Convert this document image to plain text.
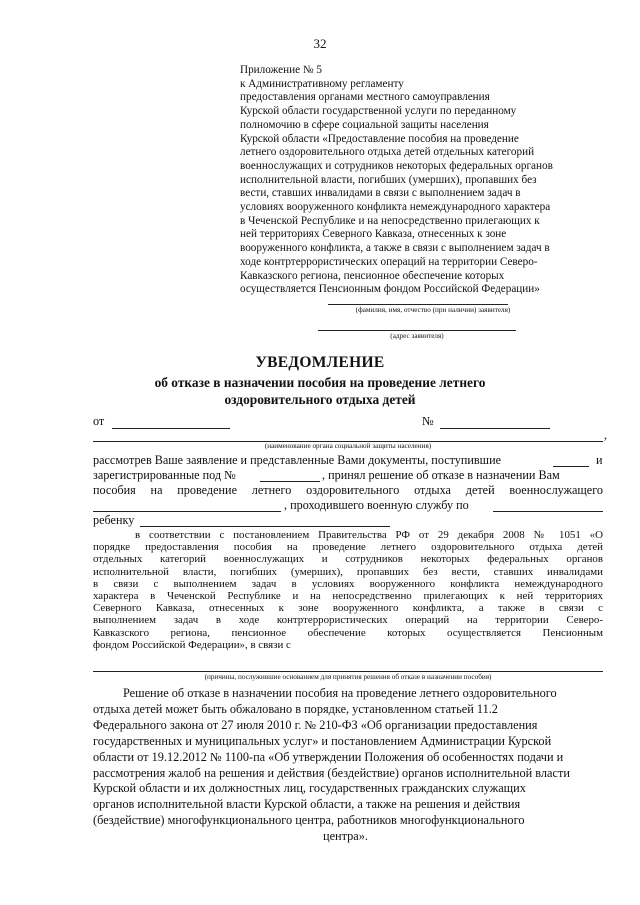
32
Приложение № 5
к Административному регламенту
предоставления органами местного самоуправления
Курской области государственной услуги по переданному
полномочию в сфере социальной защиты населения
Курской области «Предоставление пособия на проведение
летнего оздоровительного отдыха детей отдельных категорий
военнослужащих и сотрудников некоторых федеральных органов
исполнительной власти, погибших (умерших), пропавших без
вести, ставших инвалидами в связи с выполнением задач в
условиях вооруженного конфликта немеждународного характера
в Чеченской Республике и на непосредственно прилегающих к
ней территориях Северного Кавказа, отнесенных к зоне
вооруженного конфликта, а также в связи с выполнением задач в
ходе контртеррористических операций на территории Северо-
Кавказского региона, пенсионное обеспечение которых
осуществляется Пенсионным фондом Российской Федерации»
(фамилия, имя, отчество (при наличии) заявителя)
(адрес заявителя)
УВЕДОМЛЕНИЕ
об отказе в назначении пособия на проведение летнего
оздоровительного отдыха детей
от	№
,
(наименование органа социальной защиты населения)
рассмотрев Ваше заявление и представленные Вами документы, поступившие	и
зарегистрированные под №	, принял решение об отказе в назначении Вам
пособия на проведение летнего оздоровительного отдыха детей военнослужащего
, проходившего военную службу по
ребенку
в соответствии с постановлением Правительства РФ от 29 декабря 2008 № 1051 «О
порядке предоставления пособия на проведение летнего оздоровительного отдыха детей
отдельных категорий военнослужащих и сотрудников некоторых федеральных органов
исполнительной власти, погибших (умерших), пропавших без вести, ставших инвалидами
в связи с выполнением задач в условиях вооруженного конфликта немеждународного
характера в Чеченской Республике и на непосредственно прилегающих к ней территориях
Северного Кавказа, отнесенных к зоне вооруженного конфликта, а также в связи с
выполнением задач в ходе контртеррористических операций на территории Северо-
Кавказского региона, пенсионное обеспечение которых осуществляется Пенсионным
фондом Российской Федерации», в связи с
(причины, послужившие основанием для принятия решения об отказе в назначении пособия)
Решение об отказе в назначении пособия на проведение летнего оздоровительного
отдыха детей может быть обжаловано в порядке, установленном статьей 11.2
Федерального закона от 27 июля 2010 г. № 210-ФЗ «Об организации предоставления
государственных и муниципальных услуг» и постановлением Администрации Курской
области от 19.12.2012 № 1100-па «Об утверждении Положения об особенностях подачи и
рассмотрения жалоб на решения и действия (бездействие) органов исполнительной власти
Курской области и их должностных лиц, государственных гражданских служащих
органов исполнительной власти Курской области, а также на решения и действия
(бездействие) многофункционального центра, работников многофункционального
центра».
